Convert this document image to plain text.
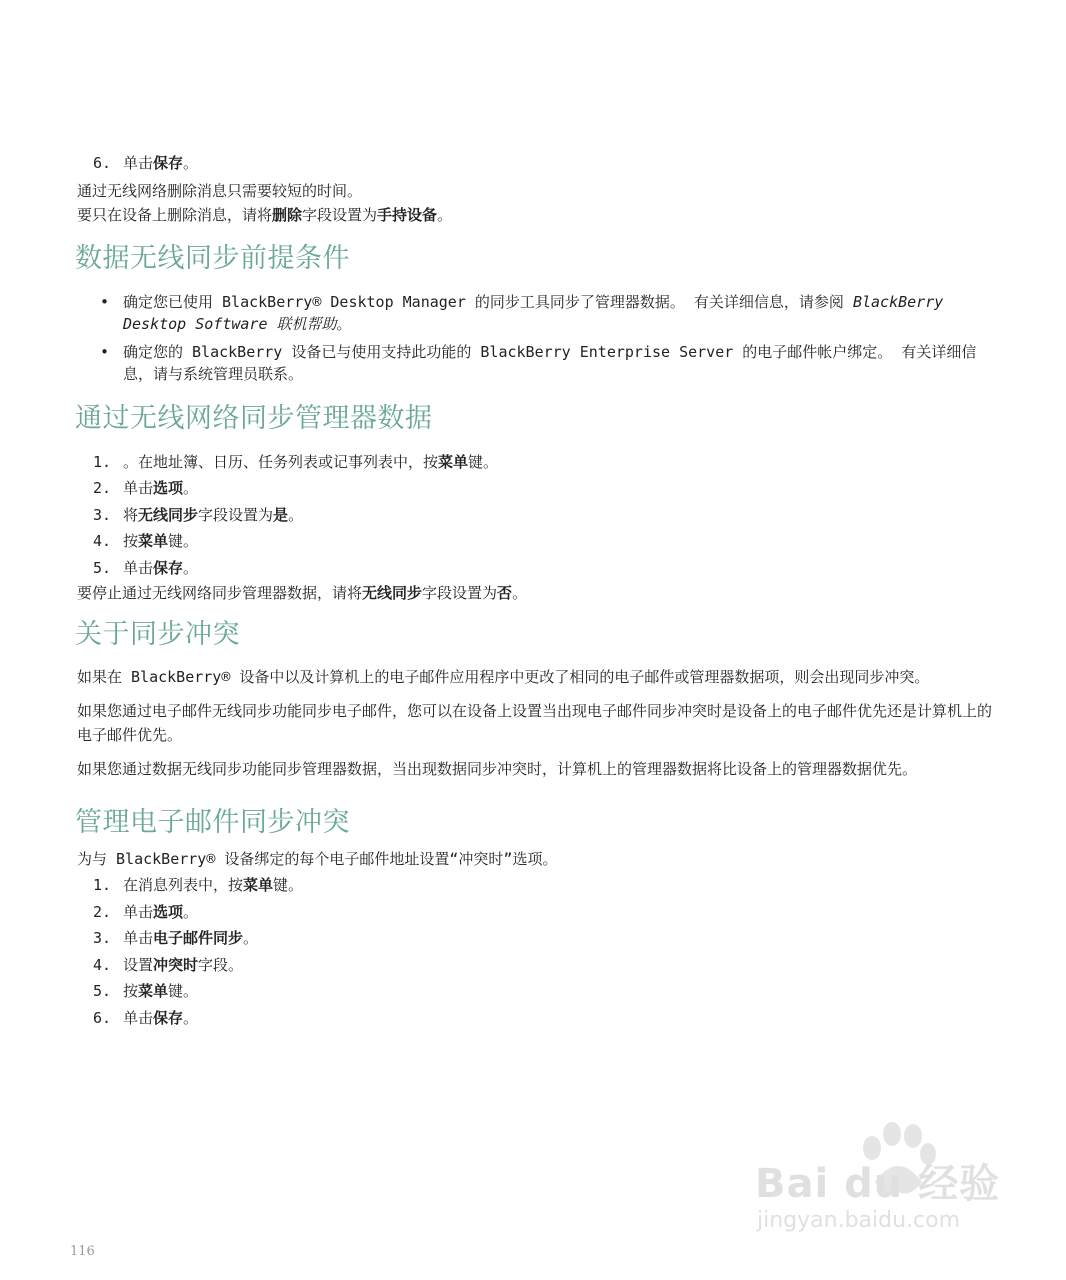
6. 单击保存。

通过无线网络删除消息只需要较短的时间。

要只在设备上删除消息，请将删除字段设置为手持设备。

数据无线同步前提条件
• 确定您已使用 BlackBerry® Desktop Manager 的同步工具同步了管理器数据。 有关详细信息，请参阅 BlackBerry Desktop Software 联机帮助。
• 确定您的 BlackBerry 设备已与使用支持此功能的 BlackBerry Enterprise Server 的电子邮件帐户绑定。 有关详细信息，请与系统管理员联系。
通过无线网络同步管理器数据
1. 。在地址簿、日历、任务列表或记事列表中，按菜单键。
2. 单击选项。
3. 将无线同步字段设置为是。
4. 按菜单键。
5. 单击保存。

要停止通过无线网络同步管理器数据，请将无线同步字段设置为否。

关于同步冲突

如果在 BlackBerry® 设备中以及计算机上的电子邮件应用程序中更改了相同的电子邮件或管理器数据项，则会出现同步冲突。

如果您通过电子邮件无线同步功能同步电子邮件，您可以在设备上设置当出现电子邮件同步冲突时是设备上的电子邮件优先还是计算机上的电子邮件优先。

如果您通过数据无线同步功能同步管理器数据，当出现数据同步冲突时，计算机上的管理器数据将比设备上的管理器数据优先。

管理电子邮件同步冲突

为与 BlackBerry® 设备绑定的每个电子邮件地址设置“冲突时”选项。

1. 在消息列表中，按菜单键。
2. 单击选项。
3. 单击电子邮件同步。
4. 设置冲突时字段。
5. 按菜单键。
6. 单击保存。
116
Bai du 经验
jingyan.baidu.com
